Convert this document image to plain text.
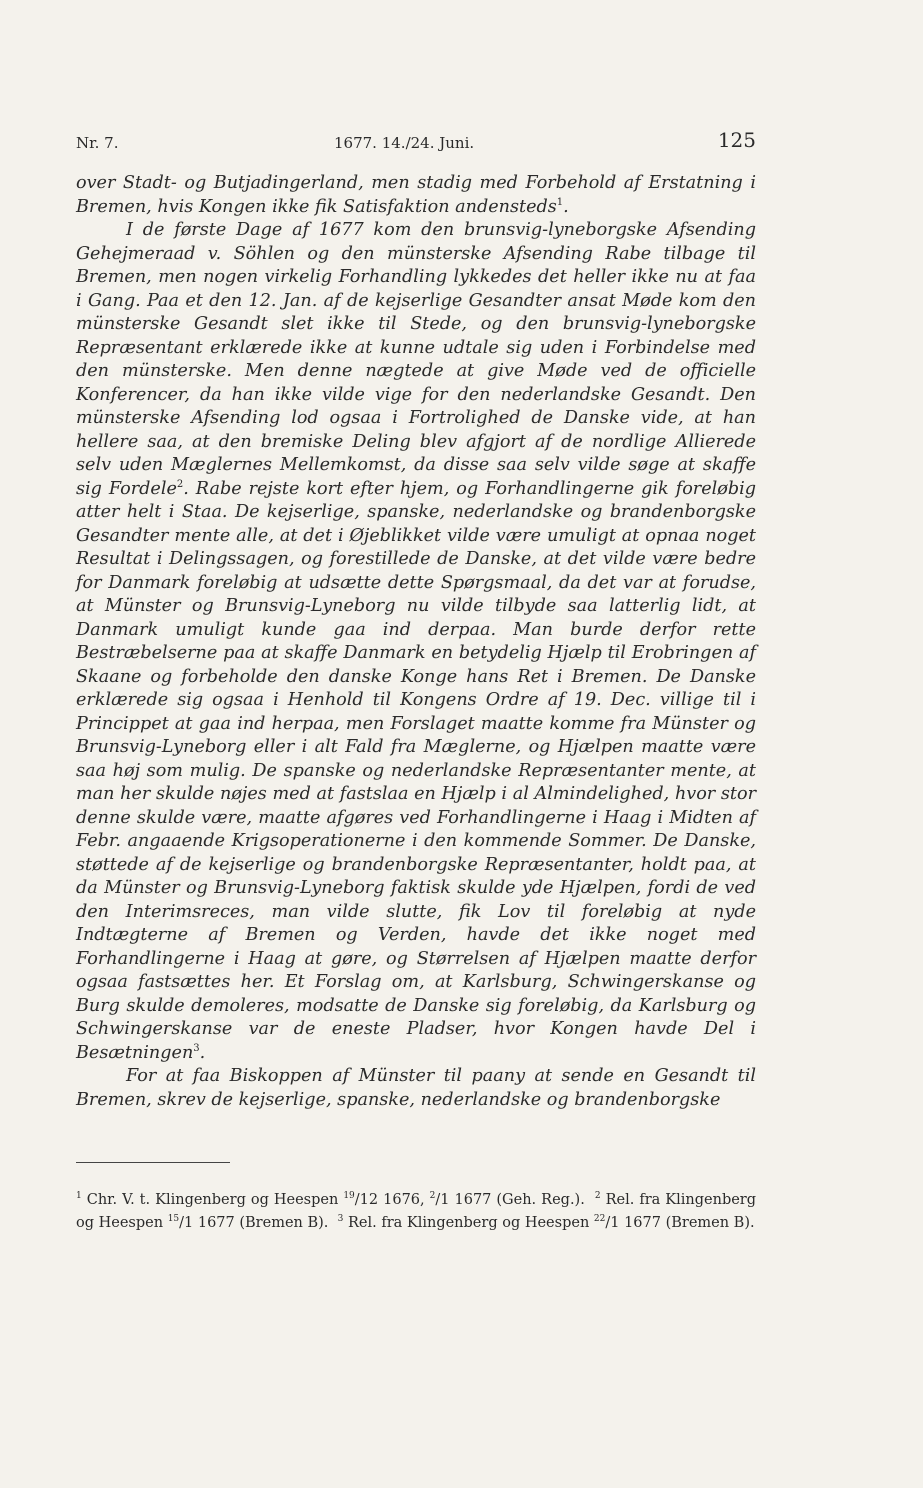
Nr. 7.	1677. 14./24. Juni.	125

over Stadt- og Butjadingerland, men stadig med Forbehold af Erstatning i Bremen, hvis Kongen ikke fik Satisfaktion andensteds$^1$.

I de første Dage af 1677 kom den brunsvig-lyneborgske Afsending Gehejmeraad v. Söhlen og den münsterske Afsending Rabe tilbage til Bremen, men nogen virkelig Forhandling lykkedes det heller ikke nu at faa i Gang. Paa et den 12. Jan. af de kejserlige Gesandter ansat Møde kom den münsterske Gesandt slet ikke til Stede, og den brunsvig-lyneborgske Repræsentant erklærede ikke at kunne udtale sig uden i Forbindelse med den münsterske. Men denne nægtede at give Møde ved de officielle Konferencer, da han ikke vilde vige for den nederlandske Gesandt. Den münsterske Afsending lod ogsaa i Fortrolighed de Danske vide, at han hellere saa, at den bremiske Deling blev afgjort af de nordlige Allierede selv uden Mæglernes Mellemkomst, da disse saa selv vilde søge at skaffe sig Fordele$^2$. Rabe rejste kort efter hjem, og Forhandlingerne gik foreløbig atter helt i Staa. De kejserlige, spanske, nederlandske og brandenborgske Gesandter mente alle, at det i Øjeblikket vilde være umuligt at opnaa noget Resultat i Delingssagen, og forestillede de Danske, at det vilde være bedre for Danmark foreløbig at udsætte dette Spørgsmaal, da det var at forudse, at Münster og Brunsvig-Lyneborg nu vilde tilbyde saa latterlig lidt, at Danmark umuligt kunde gaa ind derpaa. Man burde derfor rette Bestræbelserne paa at skaffe Danmark en betydelig Hjælp til Erobringen af Skaane og forbeholde den danske Konge hans Ret i Bremen. De Danske erklærede sig ogsaa i Henhold til Kongens Ordre af 19. Dec. villige til i Princippet at gaa ind herpaa, men Forslaget maatte komme fra Münster og Brunsvig-Lyneborg eller i alt Fald fra Mæglerne, og Hjælpen maatte være saa høj som mulig. De spanske og nederlandske Repræsentanter mente, at man her skulde nøjes med at fastslaa en Hjælp i al Almindelighed, hvor stor denne skulde være, maatte afgøres ved Forhandlingerne i Haag i Midten af Febr. angaaende Krigsoperationerne i den kommende Sommer. De Danske, støttede af de kejserlige og brandenborgske Repræsentanter, holdt paa, at da Münster og Brunsvig-Lyneborg faktisk skulde yde Hjælpen, fordi de ved den Interimsreces, man vilde slutte, fik Lov til foreløbig at nyde Indtægterne af Bremen og Verden, havde det ikke noget med Forhandlingerne i Haag at gøre, og Størrelsen af Hjælpen maatte derfor ogsaa fastsættes her. Et Forslag om, at Karlsburg, Schwingerskanse og Burg skulde demoleres, modsatte de Danske sig foreløbig, da Karlsburg og Schwingerskanse var de eneste Pladser, hvor Kongen havde Del i Besætningen$^3$.

For at faa Biskoppen af Münster til paany at sende en Gesandt til Bremen, skrev de kejserlige, spanske, nederlandske og brandenborgske

$^1$ Chr. V. t. Klingenberg og Heespen $^{19}$/12 1676, $^2$/1 1677 (Geh. Reg.). $^2$ Rel. fra Klingenberg og Heespen $^{15}$/1 1677 (Bremen B). $^3$ Rel. fra Klingenberg og Heespen $^{22}$/1 1677 (Bremen B).
